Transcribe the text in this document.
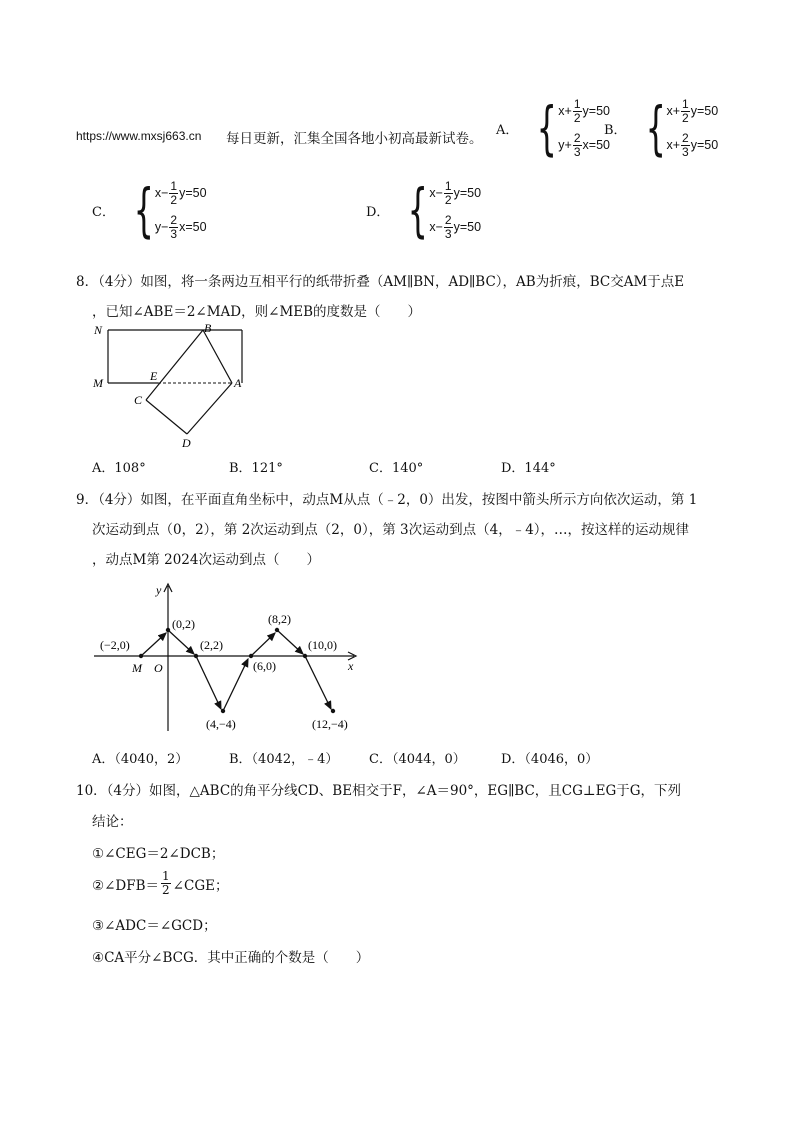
https://www.mxsj663.cn 每日更新，汇集全国各地小初高最新试卷。
A． { $x+ \frac{1}{2} y=50$
$y+ \frac{2}{3} x=50$
B． { $x+ \frac{1}{2} y=50$
$x+ \frac{2}{3} y=50$
C． { $x- \frac{1}{2} y=50$
$y- \frac{2}{3} x=50$
D． { $x- \frac{1}{2} y=50$
$x- \frac{2}{3} y=50$
8．（4分）如图，将一条两边互相平行的纸带折叠（AM∥BN，AD∥BC），AB为折痕，BC交AM于点E
，已知∠ABE＝2∠MAD，则∠MEB的度数是（　　）
N	B
M	E	A
C
D
A．108°	B．121°	C．140°	D．144°
9．（4分）如图，在平面直角坐标中，动点M从点（﹣2，0）出发，按图中箭头所示方向依次运动，第 1
次运动到点（0，2），第 2次运动到点（2，0），第 3次运动到点（4，﹣4），…，按这样的运动规律
，动点M第 2024次运动到点（　　）
y
x
O
M
(−2,0)
(0,2)
(2,2)
(4,−4)
(6,0)
(8,2)
(10,0)
(12,−4)
A．（4040，2）	B．（4042，﹣4） C．（4044，0）	D．（4046，0）
10．（4分）如图，△ABC的角平分线CD、BE相交于F，∠A＝90°，EG∥BC，且CG⊥EG于G，下列
结论：
①∠CEG＝2∠DCB；
②∠DFB＝
1
2 ∠CGE；
③∠ADC＝∠GCD；
④CA平分∠BCG．其中正确的个数是（　　）
